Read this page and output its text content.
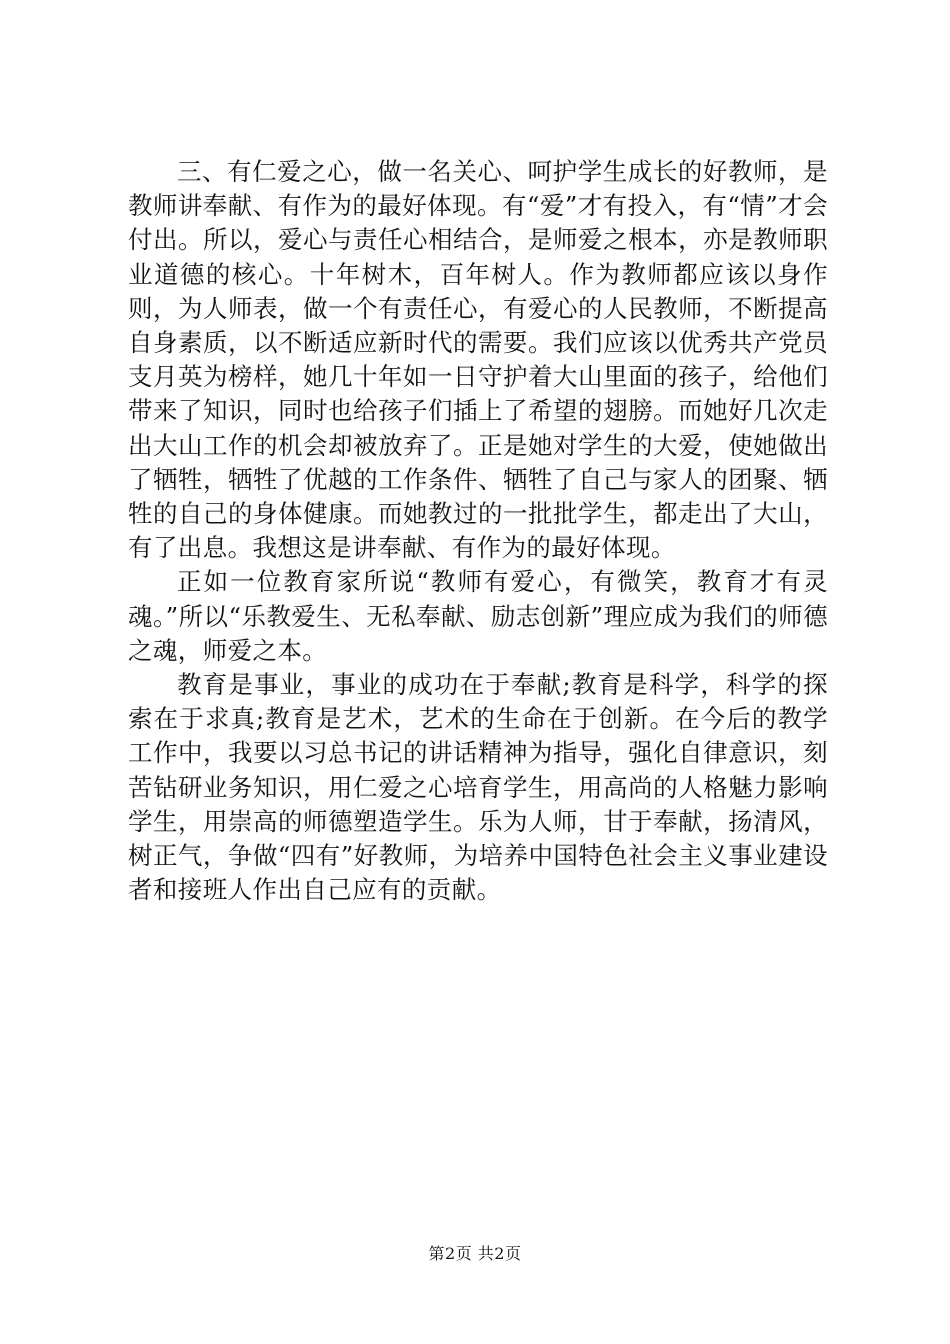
三、有仁爱之心，做一名关心、呵护学生成长的好教师，是教师讲奉献、有作为的最好体现。有“爱”才有投入，有“情”才会付出。所以，爱心与责任心相结合，是师爱之根本，亦是教师职业道德的核心。十年树木，百年树人。作为教师都应该以身作则，为人师表，做一个有责任心，有爱心的人民教师，不断提高自身素质，以不断适应新时代的需要。我们应该以优秀共产党员支月英为榜样，她几十年如一日守护着大山里面的孩子，给他们带来了知识，同时也给孩子们插上了希望的翅膀。而她好几次走出大山工作的机会却被放弃了。正是她对学生的大爱，使她做出了牺牲，牺牲了优越的工作条件、牺牲了自己与家人的团聚、牺牲的自己的身体健康。而她教过的一批批学生，都走出了大山，有了出息。我想这是讲奉献、有作为的最好体现。

正如一位教育家所说“教师有爱心，有微笑，教育才有灵魂。”所以“乐教爱生、无私奉献、励志创新”理应成为我们的师德之魂，师爱之本。

教育是事业，事业的成功在于奉献;教育是科学，科学的探索在于求真;教育是艺术，艺术的生命在于创新。在今后的教学工作中，我要以习总书记的讲话精神为指导，强化自律意识，刻苦钻研业务知识，用仁爱之心培育学生，用高尚的人格魅力影响学生，用崇高的师德塑造学生。乐为人师，甘于奉献，扬清风，树正气，争做“四有”好教师，为培养中国特色社会主义事业建设者和接班人作出自己应有的贡献。

第2页 共2页
